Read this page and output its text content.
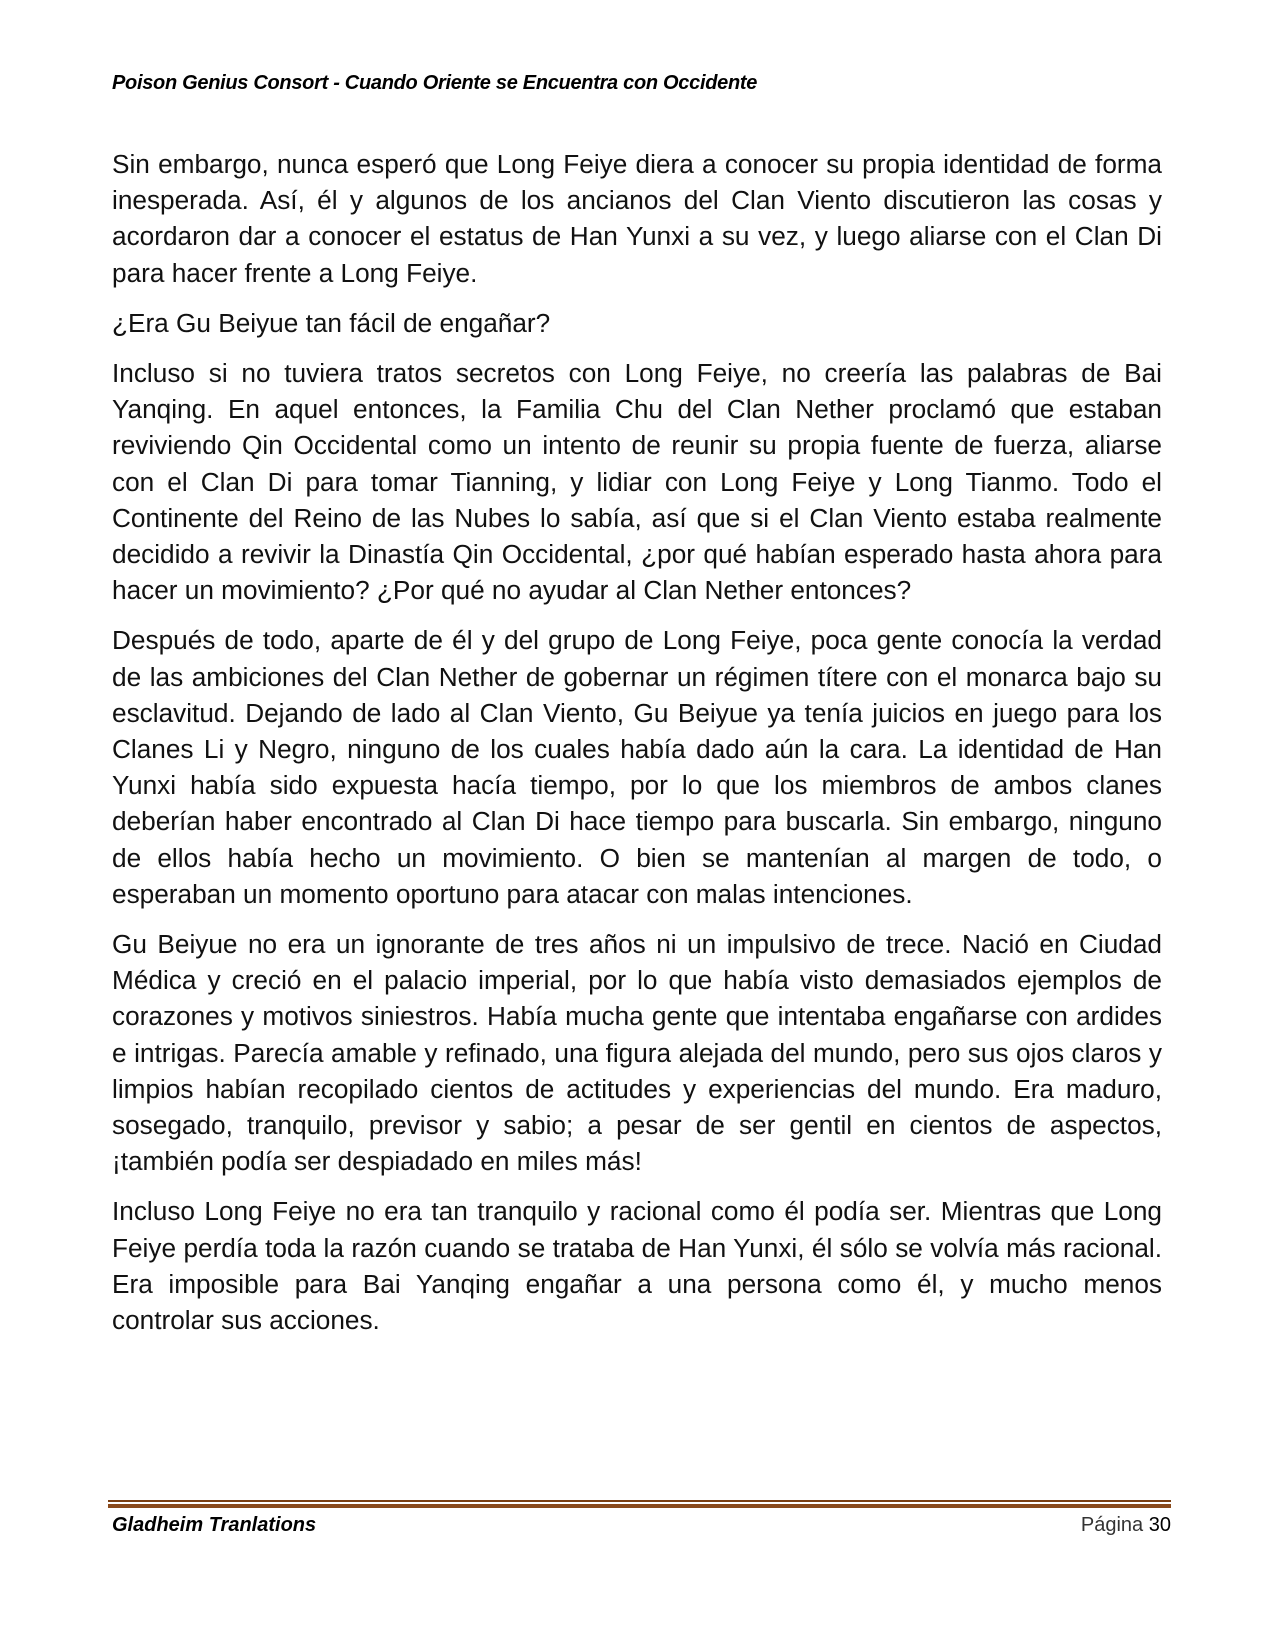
Poison Genius Consort - Cuando Oriente se Encuentra con Occidente

Sin embargo, nunca esperó que Long Feiye diera a conocer su propia identidad de forma inesperada. Así, él y algunos de los ancianos del Clan Viento discutieron las cosas y acordaron dar a conocer el estatus de Han Yunxi a su vez, y luego aliarse con el Clan Di para hacer frente a Long Feiye.

¿Era Gu Beiyue tan fácil de engañar?

Incluso si no tuviera tratos secretos con Long Feiye, no creería las palabras de Bai Yanqing. En aquel entonces, la Familia Chu del Clan Nether proclamó que estaban reviviendo Qin Occidental como un intento de reunir su propia fuente de fuerza, aliarse con el Clan Di para tomar Tianning, y lidiar con Long Feiye y Long Tianmo. Todo el Continente del Reino de las Nubes lo sabía, así que si el Clan Viento estaba realmente decidido a revivir la Dinastía Qin Occidental, ¿por qué habían esperado hasta ahora para hacer un movimiento? ¿Por qué no ayudar al Clan Nether entonces?

Después de todo, aparte de él y del grupo de Long Feiye, poca gente conocía la verdad de las ambiciones del Clan Nether de gobernar un régimen títere con el monarca bajo su esclavitud. Dejando de lado al Clan Viento, Gu Beiyue ya tenía juicios en juego para los Clanes Li y Negro, ninguno de los cuales había dado aún la cara. La identidad de Han Yunxi había sido expuesta hacía tiempo, por lo que los miembros de ambos clanes deberían haber encontrado al Clan Di hace tiempo para buscarla. Sin embargo, ninguno de ellos había hecho un movimiento. O bien se mantenían al margen de todo, o esperaban un momento oportuno para atacar con malas intenciones.

Gu Beiyue no era un ignorante de tres años ni un impulsivo de trece. Nació en Ciudad Médica y creció en el palacio imperial, por lo que había visto demasiados ejemplos de corazones y motivos siniestros. Había mucha gente que intentaba engañarse con ardides e intrigas. Parecía amable y refinado, una figura alejada del mundo, pero sus ojos claros y limpios habían recopilado cientos de actitudes y experiencias del mundo. Era maduro, sosegado, tranquilo, previsor y sabio; a pesar de ser gentil en cientos de aspectos, ¡también podía ser despiadado en miles más!

Incluso Long Feiye no era tan tranquilo y racional como él podía ser. Mientras que Long Feiye perdía toda la razón cuando se trataba de Han Yunxi, él sólo se volvía más racional. Era imposible para Bai Yanqing engañar a una persona como él, y mucho menos controlar sus acciones.

Gladheim Tranlations	Página 30
